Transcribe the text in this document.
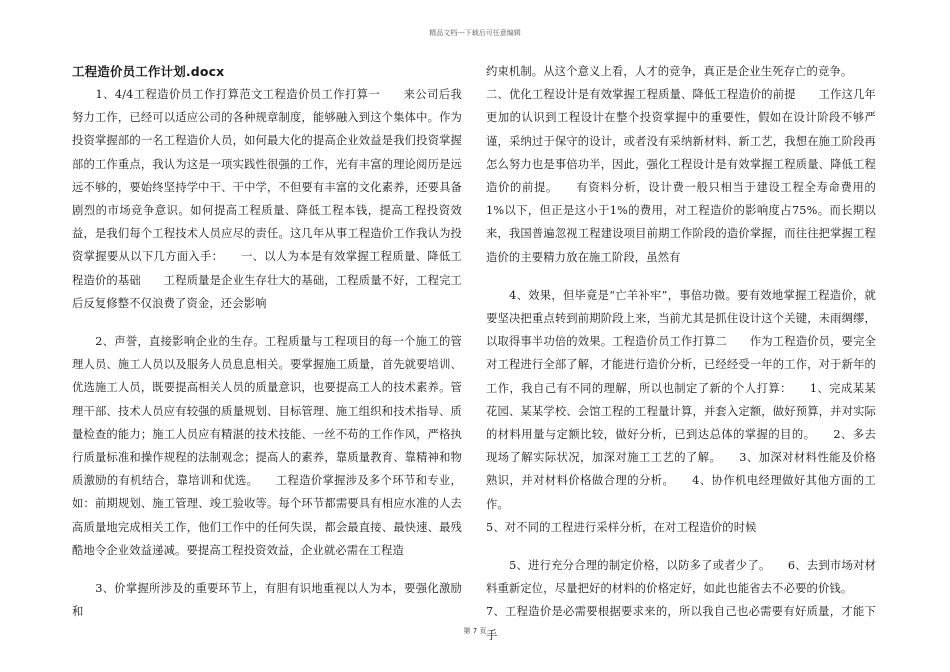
精品文档---下载后可任意编辑

工程造价员工作计划.docx

　　1、4/4工程造价员工作打算范文工程造价员工作打算一　　来公司后我努力工作，已经可以适应公司的各种规章制度，能够融入到这个集体中。作为投资掌握部的一名工程造价人员，如何最大化的提高企业效益是我们投资掌握部的工作重点，我认为这是一项实践性很强的工作，光有丰富的理论阅历是远远不够的，要始终坚持学中干、干中学，不但要有丰富的文化素养，还要具备剧烈的市场竞争意识。如何提高工程质量、降低工程本钱，提高工程投资效益，是我们每个工程技术人员应尽的责任。这几年从事工程造价工作我认为投资掌握要从以下几方面入手：　　一、以人为本是有效掌握工程质量、降低工程造价的基础　　工程质量是企业生存壮大的基础，工程质量不好，工程完工后反复修整不仅浪费了资金，还会影响

　　2、声誉，直接影响企业的生存。工程质量与工程项目的每一个施工的管理人员、施工人员以及服务人员息息相关。要掌握施工质量，首先就要培训、优选施工人员，既要提高相关人员的质量意识，也要提高工人的技术素养。管理干部、技术人员应有较强的质量规划、目标管理、施工组织和技术指导、质量检查的能力；施工人员应有精湛的技术技能、一丝不苟的工作作风，严格执行质量标准和操作规程的法制观念；提高人的素养，靠质量教育、靠精神和物质激励的有机结合，靠培训和优选。　　工程造价掌握涉及多个环节和专业，如：前期规划、施工管理、竣工验收等。每个环节都需要具有相应水准的人去高质量地完成相关工作，他们工作中的任何失误，都会最直接、最快速、最残酷地令企业效益递减。要提高工程投资效益，企业就必需在工程造

　　3、价掌握所涉及的重要环节上，有胆有识地重视以人为本，要强化激励和

约束机制。从这个意义上看，人才的竞争，真正是企业生死存亡的竞争。

二、优化工程设计是有效掌握工程质量、降低工程造价的前提　　工作这几年更加的认识到工程设计在整个投资掌握中的重要性，假如在设计阶段不够严谨，采纳过于保守的设计，或者没有采纳新材料、新工艺，我想在施工阶段再怎么努力也是事倍功半，因此，强化工程设计是有效掌握工程质量、降低工程造价的前提。　　有资料分析，设计费一般只相当于建设工程全寿命费用的1%以下，但正是这小于1%的费用，对工程造价的影响度占75%。而长期以来，我国普遍忽视工程建设项目前期工作阶段的造价掌握，而往往把掌握工程造价的主要精力放在施工阶段，虽然有

　　4、效果，但毕竟是“亡羊补牢”，事倍功微。要有效地掌握工程造价，就要坚决把重点转到前期阶段上来，当前尤其是抓住设计这个关键，未雨绸缪，以取得事半功倍的效果。工程造价员工作打算二　　作为工程造价员，要完全对工程进行全部了解，才能进行造价分析，已经经受一年的工作，对于新年的工作，我自己有不同的理解，所以也制定了新的个人打算：　　1、完成某某花园、某某学校、会馆工程的工程量计算，并套入定额，做好预算，并对实际的材料用量与定额比较，做好分析，已到达总体的掌握的目的。　　2、多去现场了解实际状况，加深对施工工艺的了解。　　3、加深对材料性能及价格熟识，并对材料价格做合理的分析。　　4、协作机电经理做好其他方面的工作。

5、对不同的工程进行采样分析，在对工程造价的时候

　　5、进行充分合理的制定价格，以防多了或者少了。　　6、去到市场对材料重新定位，尽量把好的材料的价格定好，如此也能省去不必要的价钱。

7、工程造价是必需要根据要求来的，所以我自己也必需要有好质量，才能下手

第 7 页
